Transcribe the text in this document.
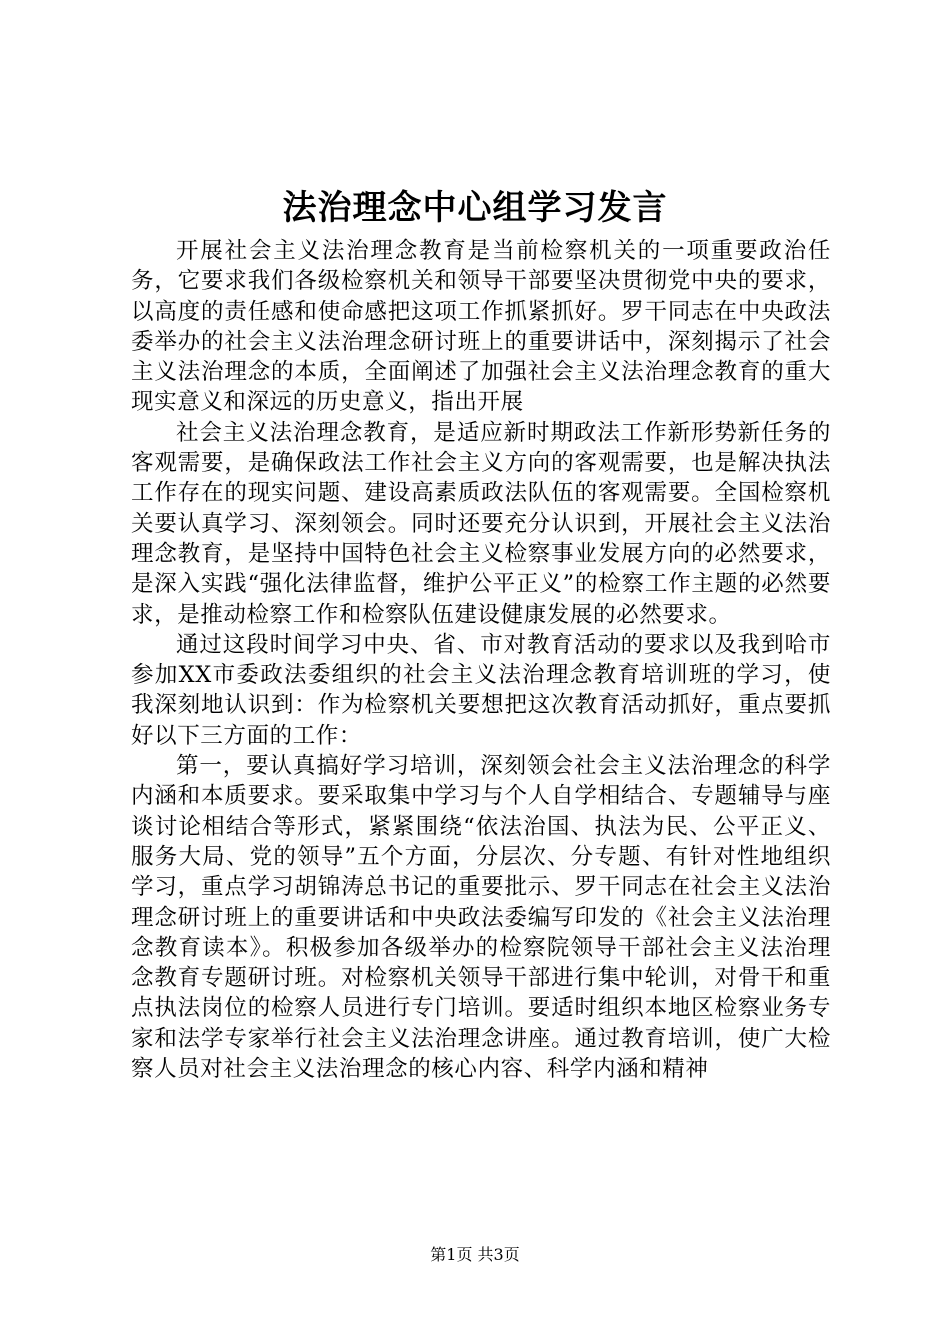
法治理念中心组学习发言

开展社会主义法治理念教育是当前检察机关的一项重要政治任务，它要求我们各级检察机关和领导干部要坚决贯彻党中央的要求，以高度的责任感和使命感把这项工作抓紧抓好。罗干同志在中央政法委举办的社会主义法治理念研讨班上的重要讲话中，深刻揭示了社会主义法治理念的本质，全面阐述了加强社会主义法治理念教育的重大现实意义和深远的历史意义，指出开展

社会主义法治理念教育，是适应新时期政法工作新形势新任务的客观需要，是确保政法工作社会主义方向的客观需要，也是解决执法工作存在的现实问题、建设高素质政法队伍的客观需要。全国检察机关要认真学习、深刻领会。同时还要充分认识到，开展社会主义法治理念教育，是坚持中国特色社会主义检察事业发展方向的必然要求，是深入实践“强化法律监督，维护公平正义”的检察工作主题的必然要求，是推动检察工作和检察队伍建设健康发展的必然要求。

通过这段时间学习中央、省、市对教育活动的要求以及我到哈市参加XX市委政法委组织的社会主义法治理念教育培训班的学习，使我深刻地认识到：作为检察机关要想把这次教育活动抓好，重点要抓好以下三方面的工作：

第一，要认真搞好学习培训，深刻领会社会主义法治理念的科学内涵和本质要求。要采取集中学习与个人自学相结合、专题辅导与座谈讨论相结合等形式，紧紧围绕“依法治国、执法为民、公平正义、服务大局、党的领导”五个方面，分层次、分专题、有针对性地组织学习，重点学习胡锦涛总书记的重要批示、罗干同志在社会主义法治理念研讨班上的重要讲话和中央政法委编写印发的《社会主义法治理念教育读本》。积极参加各级举办的检察院领导干部社会主义法治理念教育专题研讨班。对检察机关领导干部进行集中轮训，对骨干和重点执法岗位的检察人员进行专门培训。要适时组织本地区检察业务专家和法学专家举行社会主义法治理念讲座。通过教育培训，使广大检察人员对社会主义法治理念的核心内容、科学内涵和精神

第1页 共3页
